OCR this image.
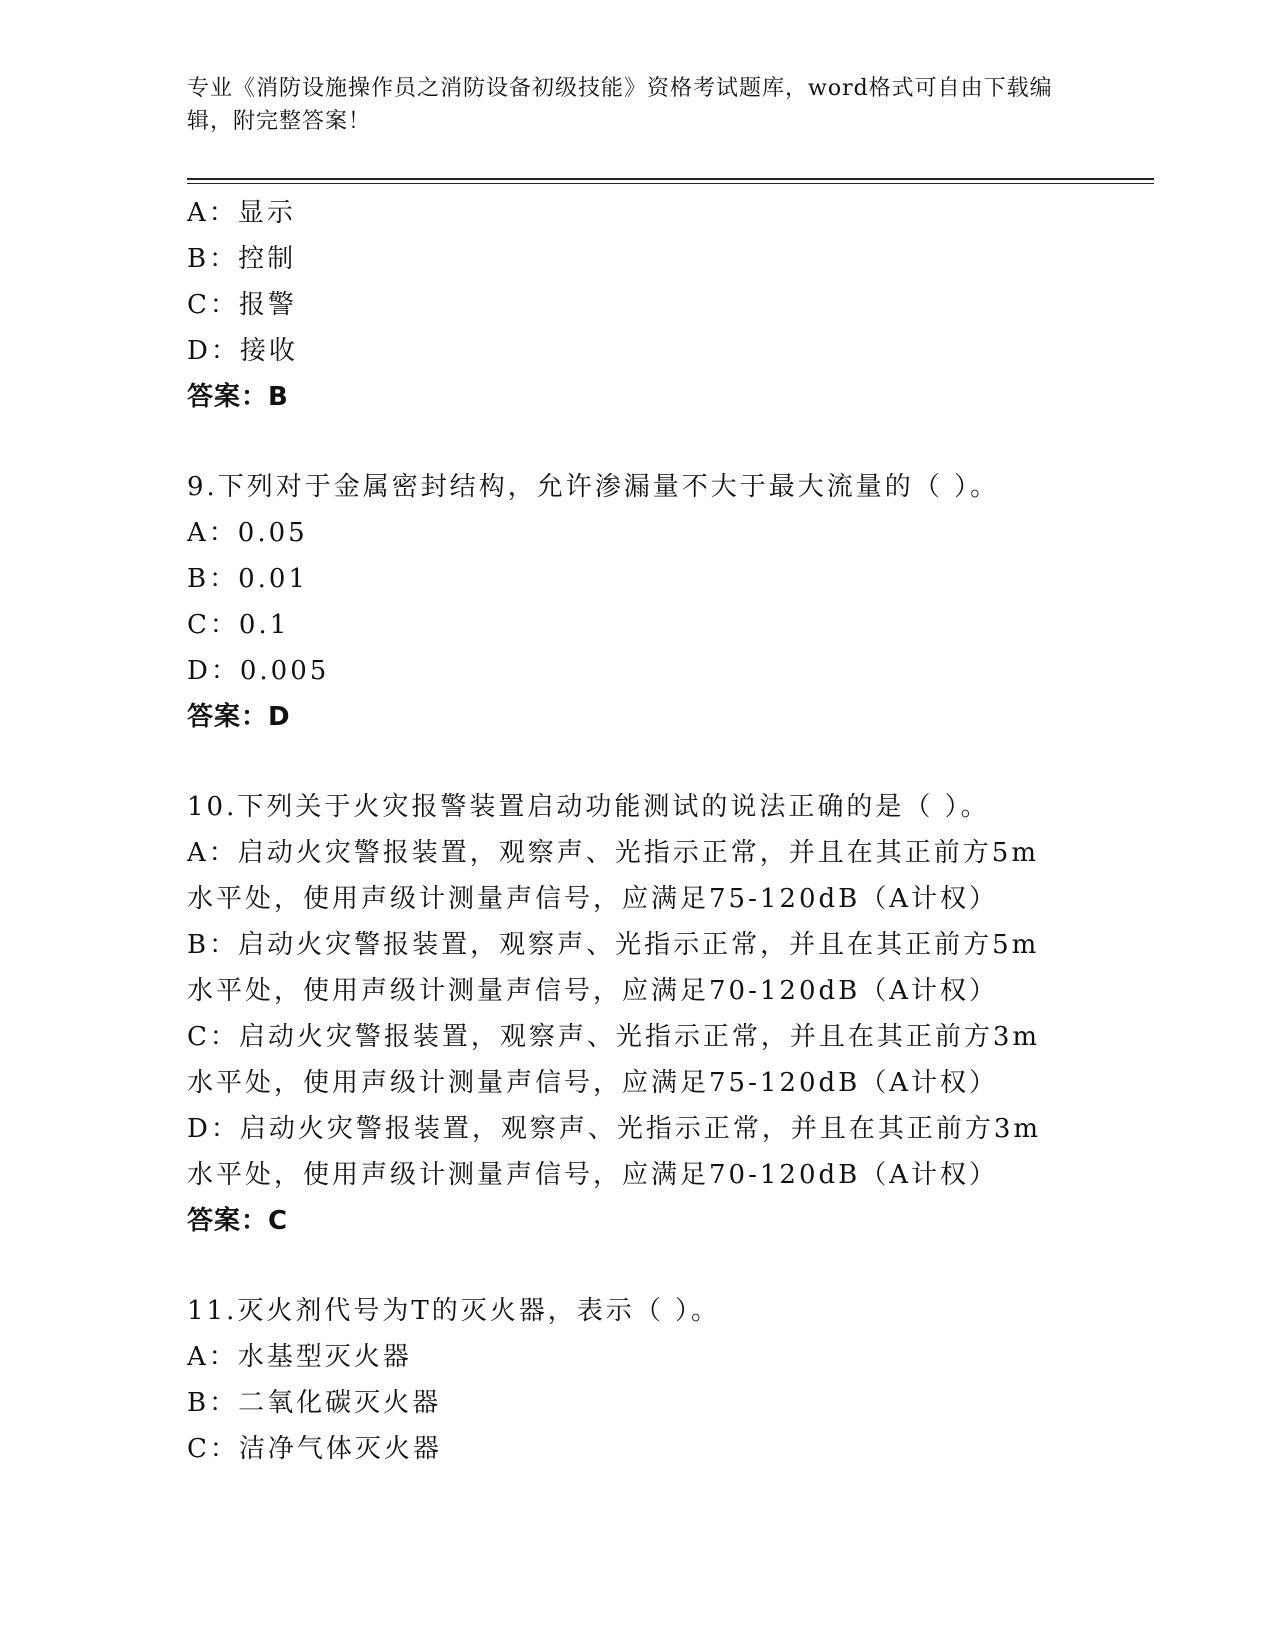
专业《消防设施操作员之消防设备初级技能》资格考试题库，word格式可自由下载编辑，附完整答案！
A：显示
B：控制
C：报警
D：接收
答案：B
9.下列对于金属密封结构，允许渗漏量不大于最大流量的（ ）。
A：0.05
B：0.01
C：0.1
D：0.005
答案：D
10.下列关于火灾报警装置启动功能测试的说法正确的是（ ）。
A：启动火灾警报装置，观察声、光指示正常，并且在其正前方5m水平处，使用声级计测量声信号，应满足75-120dB（A计权）
B：启动火灾警报装置，观察声、光指示正常，并且在其正前方5m水平处，使用声级计测量声信号，应满足70-120dB（A计权）
C：启动火灾警报装置，观察声、光指示正常，并且在其正前方3m水平处，使用声级计测量声信号，应满足75-120dB（A计权）
D：启动火灾警报装置，观察声、光指示正常，并且在其正前方3m水平处，使用声级计测量声信号，应满足70-120dB（A计权）
答案：C
11.灭火剂代号为T的灭火器，表示（ ）。
A：水基型灭火器
B：二氧化碳灭火器
C：洁净气体灭火器
